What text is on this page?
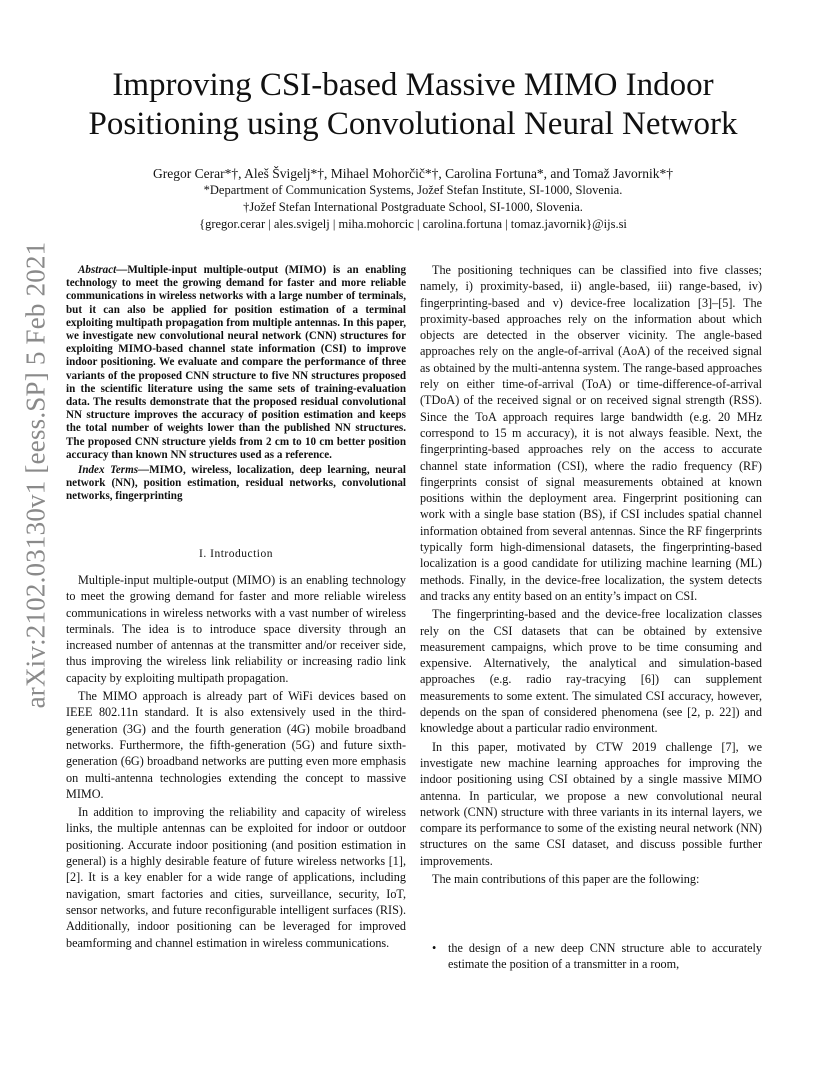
arXiv:2102.03130v1 [eess.SP] 5 Feb 2021
Improving CSI-based Massive MIMO Indoor
Positioning using Convolutional Neural Network
Gregor Cerar*†, Aleš Švigelj*†, Mihael Mohorčič*†, Carolina Fortuna*, and Tomaž Javornik*†
*Department of Communication Systems, Jožef Stefan Institute, SI-1000, Slovenia.
†Jožef Stefan International Postgraduate School, SI-1000, Slovenia.
{gregor.cerar | ales.svigelj | miha.mohorcic | carolina.fortuna | tomaz.javornik}@ijs.si

Abstract—Multiple-input multiple-output (MIMO) is an enabling technology to meet the growing demand for faster and more reliable communications in wireless networks with a large number of terminals, but it can also be applied for position estimation of a terminal exploiting multipath propagation from multiple antennas. In this paper, we investigate new convolutional neural network (CNN) structures for exploiting MIMO-based channel state information (CSI) to improve indoor positioning. We evaluate and compare the performance of three variants of the proposed CNN structure to five NN structures proposed in the scientific literature using the same sets of training-evaluation data. The results demonstrate that the proposed residual convolutional NN structure improves the accuracy of position estimation and keeps the total number of weights lower than the published NN structures. The proposed CNN structure yields from 2 cm to 10 cm better position accuracy than known NN structures used as a reference.

Index Terms—MIMO, wireless, localization, deep learning, neural network (NN), position estimation, residual networks, convolutional networks, fingerprinting

I. Introduction

Multiple-input multiple-output (MIMO) is an enabling technology to meet the growing demand for faster and more reliable wireless communications in wireless networks with a vast number of wireless terminals. The idea is to introduce space diversity through an increased number of antennas at the transmitter and/or receiver side, thus improving the wireless link reliability or increasing radio link capacity by exploiting multipath propagation.

The MIMO approach is already part of WiFi devices based on IEEE 802.11n standard. It is also extensively used in the third-generation (3G) and the fourth generation (4G) mobile broadband networks. Furthermore, the fifth-generation (5G) and future sixth-generation (6G) broadband networks are putting even more emphasis on multi-antenna technologies extending the concept to massive MIMO.

In addition to improving the reliability and capacity of wireless links, the multiple antennas can be exploited for indoor or outdoor positioning. Accurate indoor positioning (and position estimation in general) is a highly desirable feature of future wireless networks [1], [2]. It is a key enabler for a wide range of applications, including navigation, smart factories and cities, surveillance, security, IoT, sensor networks, and future reconfigurable intelligent surfaces (RIS). Additionally, indoor positioning can be leveraged for improved beamforming and channel estimation in wireless communications.

The positioning techniques can be classified into five classes; namely, i) proximity-based, ii) angle-based, iii) range-based, iv) fingerprinting-based and v) device-free localization [3]–[5]. The proximity-based approaches rely on the information about which objects are detected in the observer vicinity. The angle-based approaches rely on the angle-of-arrival (AoA) of the received signal as obtained by the multi-antenna system. The range-based approaches rely on either time-of-arrival (ToA) or time-difference-of-arrival (TDoA) of the received signal or on received signal strength (RSS). Since the ToA approach requires large bandwidth (e.g. 20 MHz correspond to 15 m accuracy), it is not always feasible. Next, the fingerprinting-based approaches rely on the access to accurate channel state information (CSI), where the radio frequency (RF) fingerprints consist of signal measurements obtained at known positions within the deployment area. Fingerprint positioning can work with a single base station (BS), if CSI includes spatial channel information obtained from several antennas. Since the RF fingerprints typically form high-dimensional datasets, the fingerprinting-based localization is a good candidate for utilizing machine learning (ML) methods. Finally, in the device-free localization, the system detects and tracks any entity based on an entity’s impact on CSI.

The fingerprinting-based and the device-free localization classes rely on the CSI datasets that can be obtained by extensive measurement campaigns, which prove to be time consuming and expensive. Alternatively, the analytical and simulation-based approaches (e.g. radio ray-tracying [6]) can supplement measurements to some extent. The simulated CSI accuracy, however, depends on the span of considered phenomena (see [2, p. 22]) and knowledge about a particular radio environment.

In this paper, motivated by CTW 2019 challenge [7], we investigate new machine learning approaches for improving the indoor positioning using CSI obtained by a single massive MIMO antenna. In particular, we propose a new convolutional neural network (CNN) structure with three variants in its internal layers, we compare its performance to some of the existing neural network (NN) structures on the same CSI dataset, and discuss possible further improvements.

The main contributions of this paper are the following:

• the design of a new deep CNN structure able to accurately estimate the position of a transmitter in a room,
